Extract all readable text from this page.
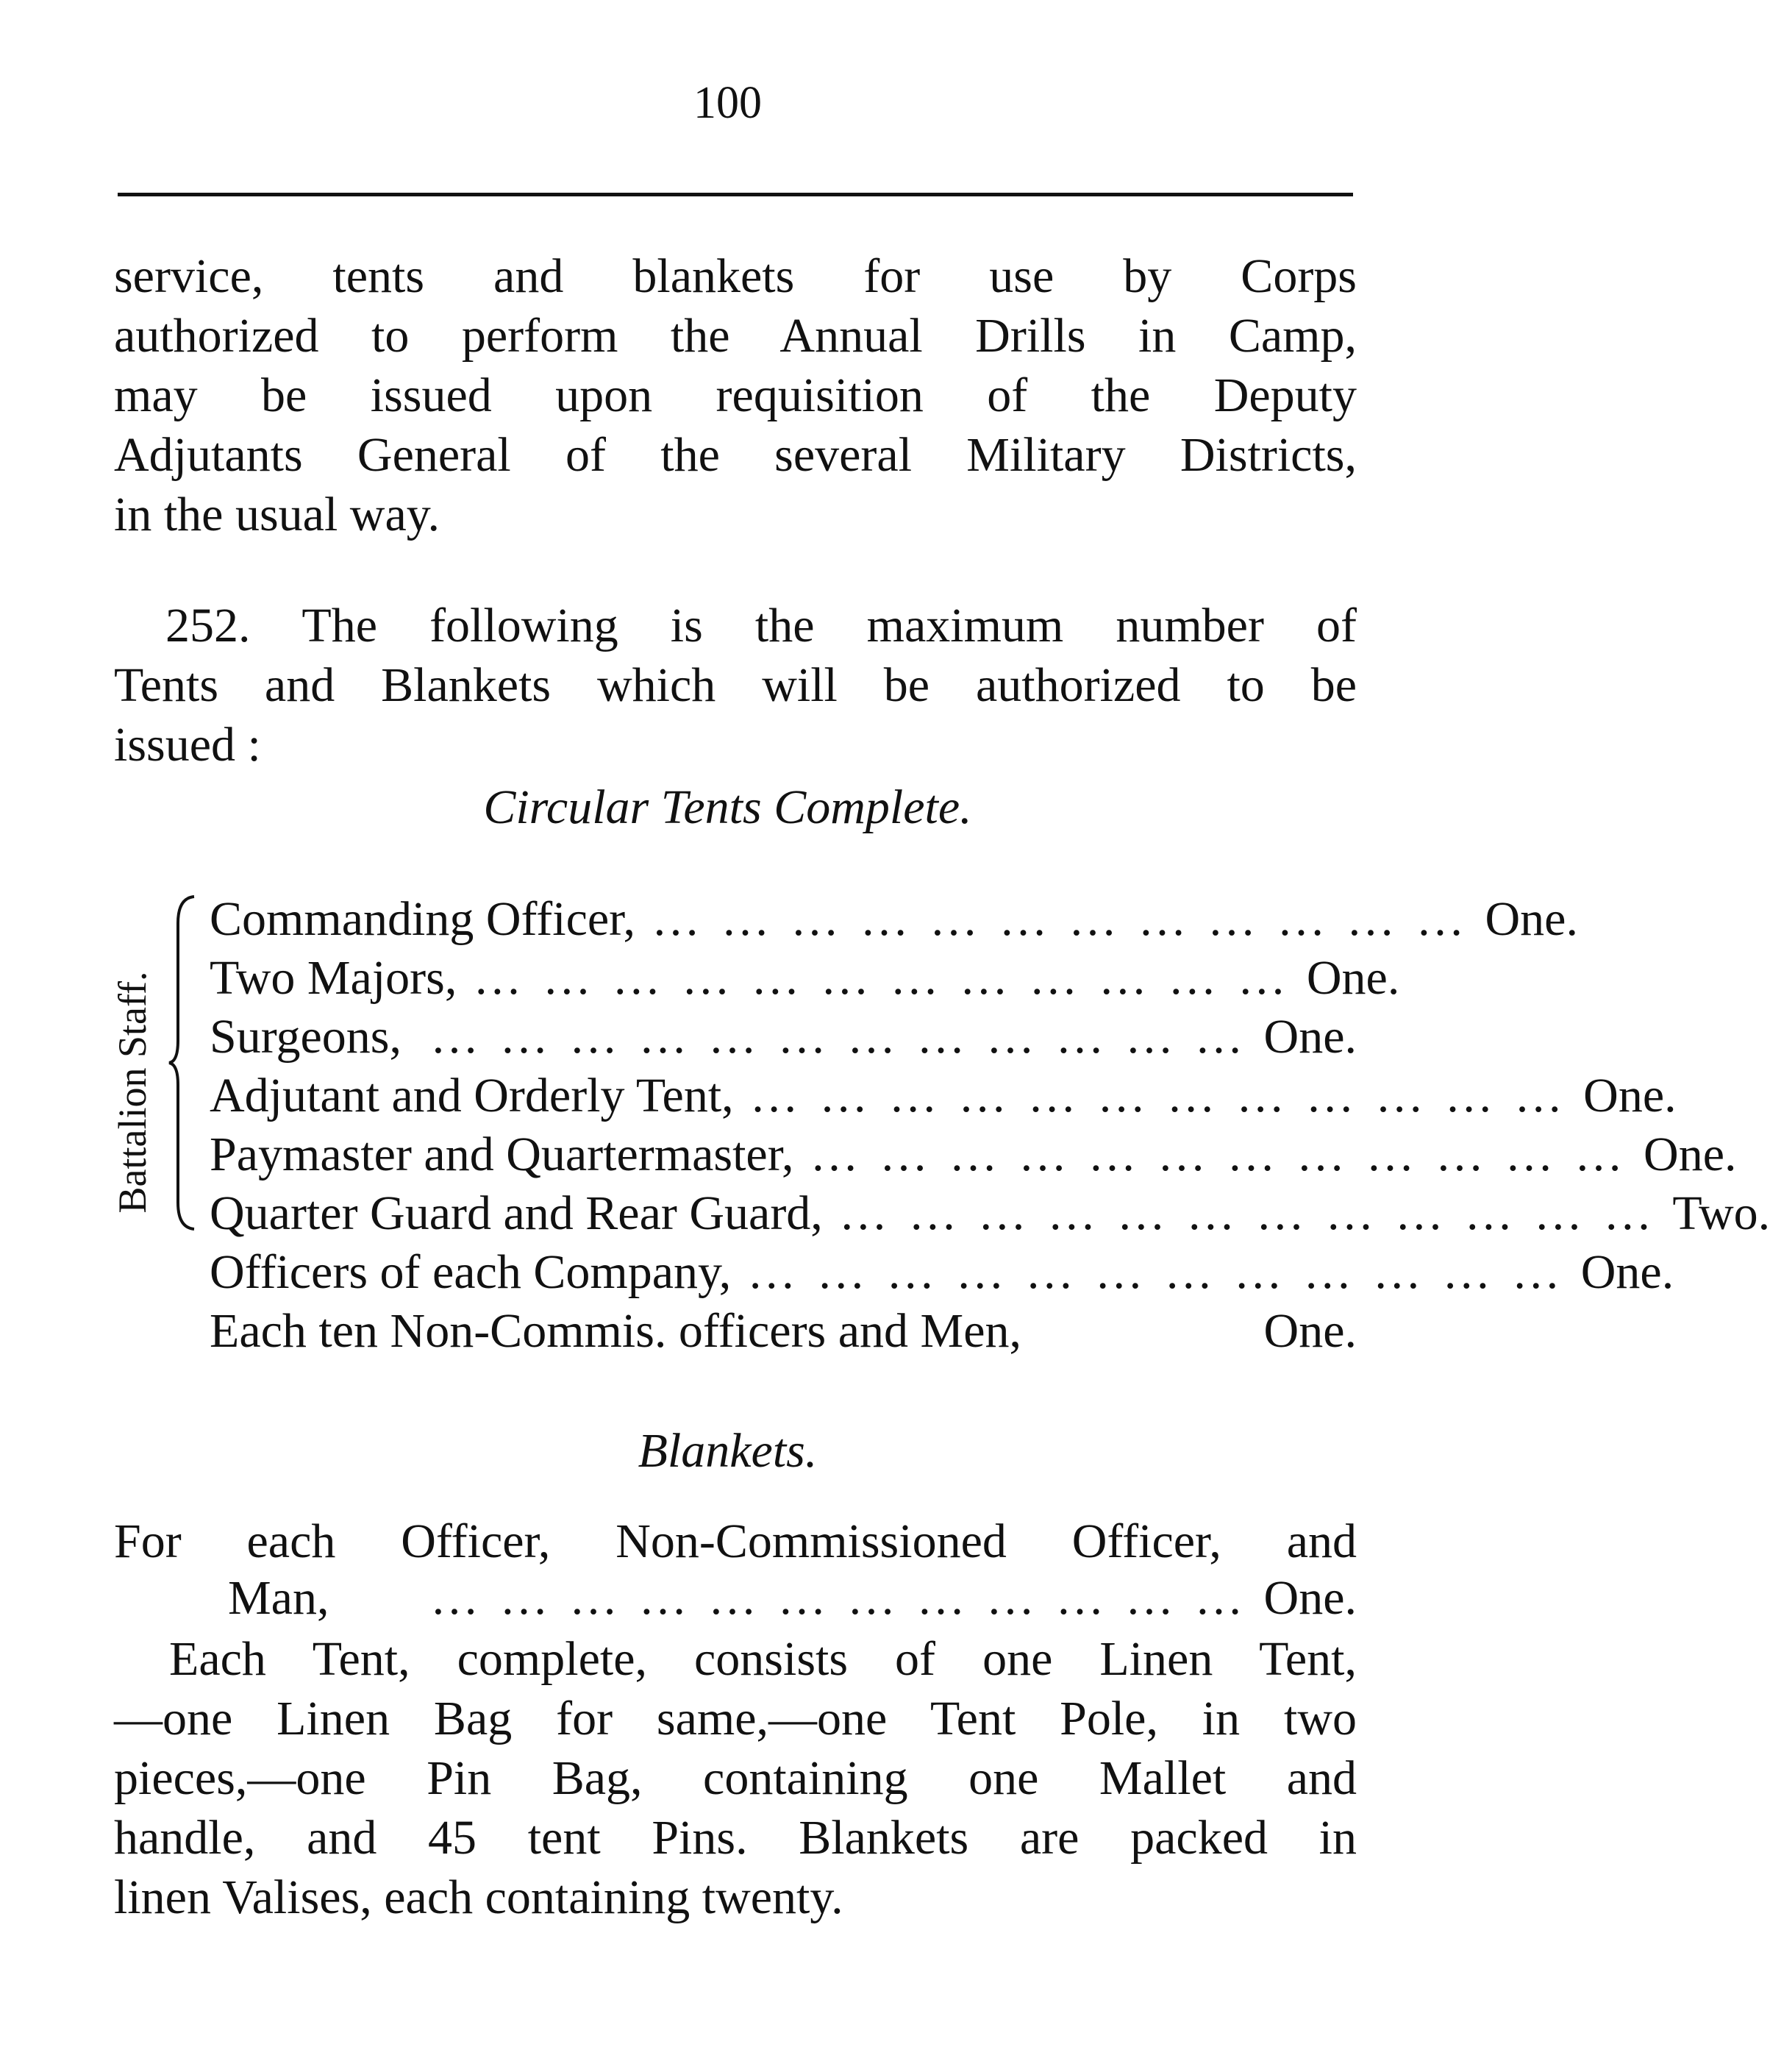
100
service, tents and blankets for use by Corps
authorized to perform the Annual Drills in Camp,
may be issued upon requisition of the Deputy
Adjutants General of the several Military Districts,
in the usual way.
252. The following is the maximum number of
Tents and Blankets which will be authorized to be
issued :
Circular Tents Complete.
Battalion Staff.
Commanding Officer, … … … … … … … … … … … … One.
Two Majors, … … … … … … … … … … … … One.
Surgeons, … … … … … … … … … … … … One.
Adjutant and Orderly Tent, … … … … … … … … … … … … One.
Paymaster and Quartermaster, … … … … … … … … … … … … One.
Quarter Guard and Rear Guard, … … … … … … … … … … … … Two.
Officers of each Company, … … … … … … … … … … … … One.
Each ten Non-Commis. officers and Men,	One.
Blankets.
For each Officer, Non-Commissioned Officer, and
Man,	… … … … … … … … … … … … One.
Each Tent, complete, consists of one Linen Tent,
—one Linen Bag for same,—one Tent Pole, in two
pieces,—one Pin Bag, containing one Mallet and
handle, and 45 tent Pins. Blankets are packed in
linen Valises, each containing twenty.
